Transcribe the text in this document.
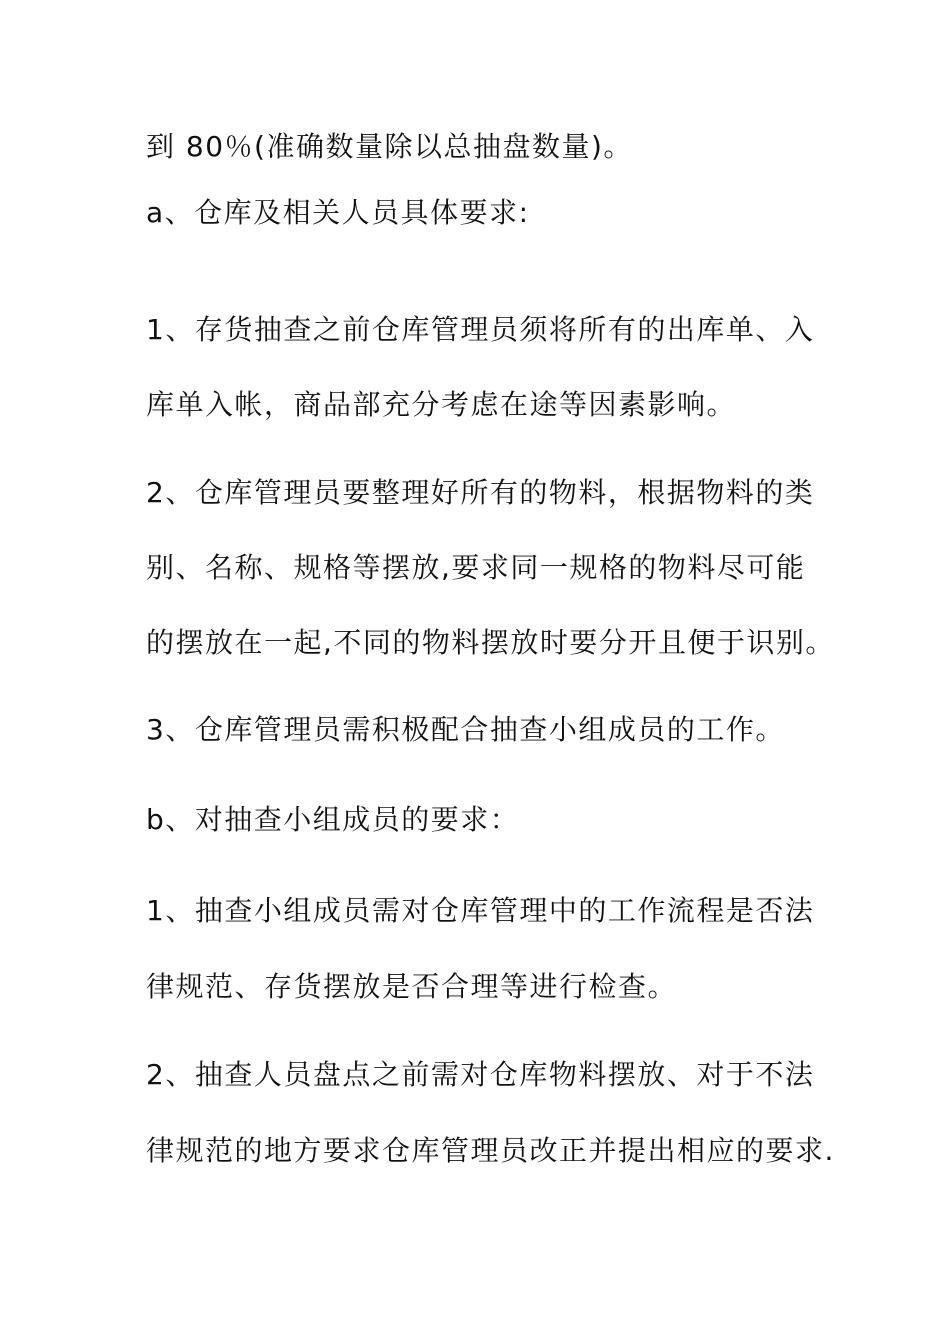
到 80％(准确数量除以总抽盘数量)。
a、仓库及相关人员具体要求:
1、存货抽查之前仓库管理员须将所有的出库单、入
库单入帐，商品部充分考虑在途等因素影响。
2、仓库管理员要整理好所有的物料，根据物料的类
别、名称、规格等摆放,要求同一规格的物料尽可能
的摆放在一起,不同的物料摆放时要分开且便于识别。
3、仓库管理员需积极配合抽查小组成员的工作。
b、对抽查小组成员的要求：
1、抽查小组成员需对仓库管理中的工作流程是否法
律规范、存货摆放是否合理等进行检查。
2、抽查人员盘点之前需对仓库物料摆放、对于不法
律规范的地方要求仓库管理员改正并提出相应的要求.
